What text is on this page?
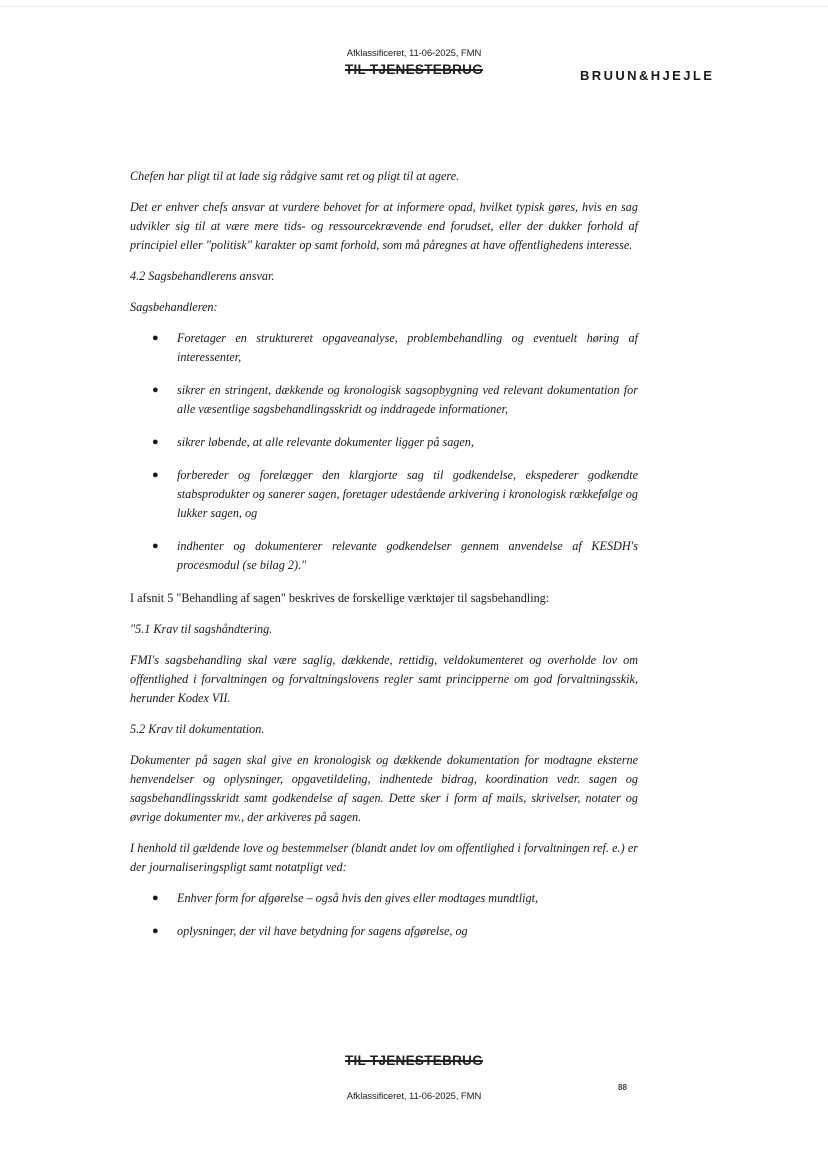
Afklassificeret, 11-06-2025, FMN
TIL TJENESTEBRUG	BRUUN&HJEJLE

Chefen har pligt til at lade sig rådgive samt ret og pligt til at agere.

Det er enhver chefs ansvar at vurdere behovet for at informere opad, hvilket typisk gøres, hvis en sag udvikler sig til at være mere tids- og ressourcekrævende end forudset, eller der dukker forhold af principiel eller "politisk" karakter op samt forhold, som må påregnes at have offentlighedens interesse.

4.2 Sagsbehandlerens ansvar.

Sagsbehandleren:

● Foretager en struktureret opgaveanalyse, problembehandling og eventuelt høring af interessenter,
● sikrer en stringent, dækkende og kronologisk sagsopbygning ved relevant dokumentation for alle væsentlige sagsbehandlingsskridt og inddragede informationer,
● sikrer løbende, at alle relevante dokumenter ligger på sagen,
● forbereder og forelægger den klargjorte sag til godkendelse, ekspederer godkendte stabsprodukter og sanerer sagen, foretager udestående arkivering i kronologisk rækkefølge og lukker sagen, og
● indhenter og dokumenterer relevante godkendelser gennem anvendelse af KESDH's procesmodul (se bilag 2)."

I afsnit 5 "Behandling af sagen" beskrives de forskellige værktøjer til sagsbehandling:

"5.1 Krav til sagshåndtering.

FMI's sagsbehandling skal være saglig, dækkende, rettidig, veldokumenteret og overholde lov om offentlighed i forvaltningen og forvaltningslovens regler samt principperne om god forvaltningsskik, herunder Kodex VII.

5.2 Krav til dokumentation.

Dokumenter på sagen skal give en kronologisk og dækkende dokumentation for modtagne eksterne henvendelser og oplysninger, opgavetildeling, indhentede bidrag, koordination vedr. sagen og sagsbehandlingsskridt samt godkendelse af sagen. Dette sker i form af mails, skrivelser, notater og øvrige dokumenter mv., der arkiveres på sagen.

I henhold til gældende love og bestemmelser (blandt andet lov om offentlighed i forvaltningen ref. e.) er der journaliseringspligt samt notatpligt ved:

● Enhver form for afgørelse – også hvis den gives eller modtages mundtligt,
● oplysninger, der vil have betydning for sagens afgørelse, og
TIL TJENESTEBRUG
Afklassificeret, 11-06-2025, FMN
88
